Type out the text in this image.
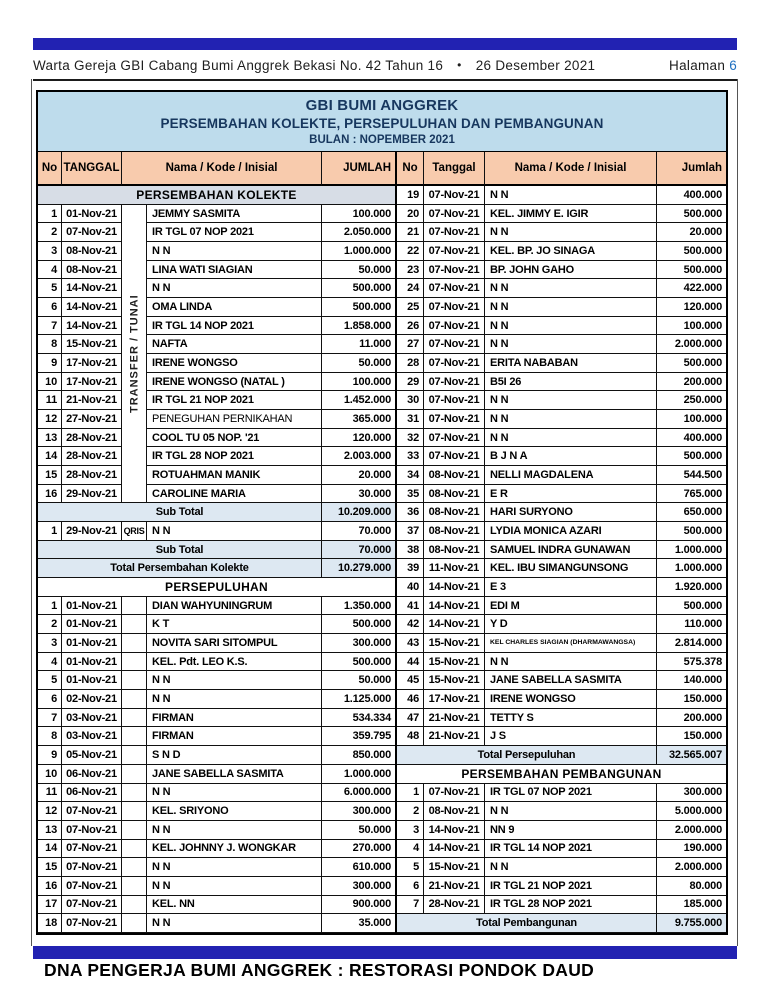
Warta Gereja GBI Cabang Bumi Anggrek Bekasi No. 42 Tahun 16 • 26 Desember 2021	Halaman 6
GBI BUMI ANGGREK
PERSEMBAHAN KOLEKTE, PERSEPULUHAN DAN PEMBANGUNAN
BULAN : NOPEMBER 2021
No TANGGAL	Nama / Kode / Inisial	JUMLAH
TRANSFER / TUNAI
PERSEMBAHAN KOLEKTE
1 01-Nov-21	JEMMY SASMITA	100.000
2 07-Nov-21	IR TGL 07 NOP 2021	2.050.000
3 08-Nov-21	N N	1.000.000
4 08-Nov-21	LINA WATI SIAGIAN	50.000
5 14-Nov-21	N N	500.000
6 14-Nov-21	OMA LINDA	500.000
7 14-Nov-21	IR TGL 14 NOP 2021	1.858.000
8 15-Nov-21	NAFTA	11.000
9 17-Nov-21	IRENE WONGSO	50.000
10 17-Nov-21	IRENE WONGSO (NATAL )	100.000
11 21-Nov-21	IR TGL 21 NOP 2021	1.452.000
12 27-Nov-21	PENEGUHAN PERNIKAHAN	365.000
13 28-Nov-21	COOL TU 05 NOP. '21	120.000
14 28-Nov-21	IR TGL 28 NOP 2021	2.003.000
15 28-Nov-21	ROTUAHMAN MANIK	20.000
16 29-Nov-21	CAROLINE MARIA	30.000
Sub Total	10.209.000
1 29-Nov-21 QRIS N N	70.000
Sub Total	70.000
Total Persembahan Kolekte	10.279.000
PERSEPULUHAN
1 01-Nov-21	DIAN WAHYUNINGRUM	1.350.000
2 01-Nov-21	K T	500.000
3 01-Nov-21	NOVITA SARI SITOMPUL	300.000
4 01-Nov-21	KEL. Pdt. LEO K.S.	500.000
5 01-Nov-21	N N	50.000
6 02-Nov-21	N N	1.125.000
7 03-Nov-21	FIRMAN	534.334
8 03-Nov-21	FIRMAN	359.795
9 05-Nov-21	S N D	850.000
10 06-Nov-21	JANE SABELLA SASMITA	1.000.000
11 06-Nov-21	N N	6.000.000
12 07-Nov-21	KEL. SRIYONO	300.000
13 07-Nov-21	N N	50.000
14 07-Nov-21	KEL. JOHNNY J. WONGKAR	270.000
15 07-Nov-21	N N	610.000
16 07-Nov-21	N N	300.000
17 07-Nov-21	KEL. NN	900.000
18 07-Nov-21	N N	35.000
No	Tanggal	Nama / Kode / Inisial	Jumlah
19 07-Nov-21 N N	400.000
20 07-Nov-21 KEL. JIMMY E. IGIR	500.000
21 07-Nov-21 N N	20.000
22 07-Nov-21 KEL. BP. JO SINAGA	500.000
23 07-Nov-21 BP. JOHN GAHO	500.000
24 07-Nov-21 N N	422.000
25 07-Nov-21 N N	120.000
26 07-Nov-21 N N	100.000
27 07-Nov-21 N N	2.000.000
28 07-Nov-21 ERITA NABABAN	500.000
29 07-Nov-21 B5I 26	200.000
30 07-Nov-21 N N	250.000
31 07-Nov-21 N N	100.000
32 07-Nov-21 N N	400.000
33 07-Nov-21 B J N A	500.000
34 08-Nov-21 NELLI MAGDALENA	544.500
35 08-Nov-21 E R	765.000
36 08-Nov-21 HARI SURYONO	650.000
37 08-Nov-21 LYDIA MONICA AZARI	500.000
38 08-Nov-21 SAMUEL INDRA GUNAWAN	1.000.000
39 11-Nov-21 KEL. IBU SIMANGUNSONG	1.000.000
40 14-Nov-21 E 3	1.920.000
41 14-Nov-21 EDI M	500.000
42 14-Nov-21 Y D	110.000
43 15-Nov-21	KEL CHARLES SIAGIAN (DHARMAWANGSA)	2.814.000
44 15-Nov-21 N N	575.378
45 15-Nov-21 JANE SABELLA SASMITA	140.000
46 17-Nov-21 IRENE WONGSO	150.000
47 21-Nov-21 TETTY S	200.000
48 21-Nov-21 J S	150.000
Total Persepuluhan	32.565.007
PERSEMBAHAN PEMBANGUNAN
1 07-Nov-21 IR TGL 07 NOP 2021	300.000
2 08-Nov-21 N N	5.000.000
3 14-Nov-21 NN 9	2.000.000
4 14-Nov-21 IR TGL 14 NOP 2021	190.000
5 15-Nov-21 N N	2.000.000
6 21-Nov-21 IR TGL 21 NOP 2021	80.000
7 28-Nov-21 IR TGL 28 NOP 2021	185.000
Total Pembangunan	9.755.000
DNA PENGERJA BUMI ANGGREK : RESTORASI PONDOK DAUD
